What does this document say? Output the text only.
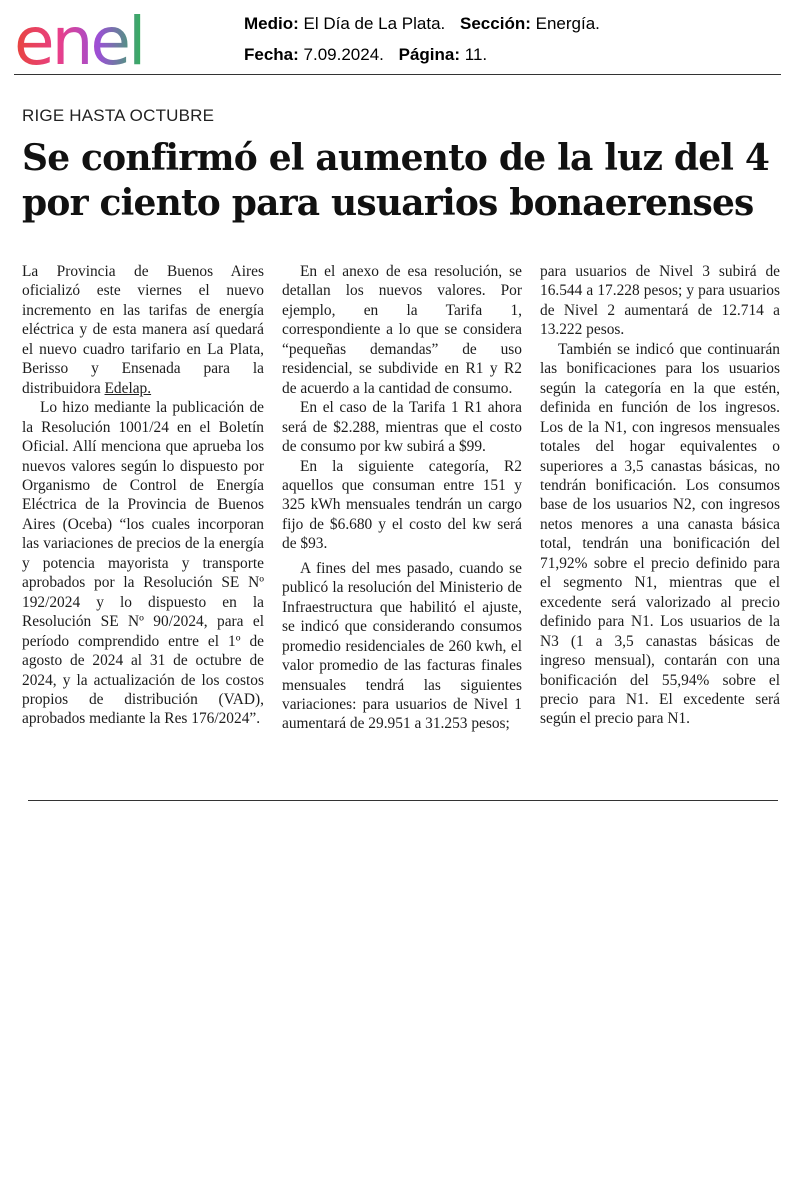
enel	Medio: El Día de La Plata. Sección: Energía.
Fecha: 7.09.2024. Página: 11.
RIGE HASTA OCTUBRE
Se confirmó el aumento de la luz del 4 por ciento para usuarios bonaerenses

La Provincia de Buenos Aires oficializó este viernes el nuevo incremento en las tarifas de energía eléctrica y de esta manera así quedará el nuevo cuadro tarifario en La Plata, Berisso y Ensenada para la distribuidora Edelap.

Lo hizo mediante la publicación de la Resolución 1001/24 en el Boletín Oficial. Allí menciona que aprueba los nuevos valores según lo dispuesto por Organismo de Control de Energía Eléctrica de la Provincia de Buenos Aires (Oceba) “los cuales incorporan las variaciones de precios de la energía y potencia mayorista y transporte aprobados por la Resolución SE Nº 192/2024 y lo dispuesto en la Resolución SE Nº 90/2024, para el período comprendido entre el 1º de agosto de 2024 al 31 de octubre de 2024, y la actualización de los costos propios de distribución (VAD), aprobados mediante la Res 176/2024”.

En el anexo de esa resolución, se detallan los nuevos valores. Por ejemplo, en la Tarifa 1, correspondiente a lo que se considera “pequeñas demandas” de uso residencial, se subdivide en R1 y R2 de acuerdo a la cantidad de consumo.

En el caso de la Tarifa 1 R1 ahora será de $2.288, mientras que el costo de consumo por kw subirá a $99.

En la siguiente categoría, R2 aquellos que consuman entre 151 y 325 kWh mensuales tendrán un cargo fijo de $6.680 y el costo del kw será de $93.

A fines del mes pasado, cuando se publicó la resolución del Ministerio de Infraestructura que habilitó el ajuste, se indicó que considerando consumos promedio residenciales de 260 kwh, el valor promedio de las facturas finales mensuales tendrá las siguientes variaciones: para usuarios de Nivel 1 aumentará de 29.951 a 31.253 pesos;

para usuarios de Nivel 3 subirá de 16.544 a 17.228 pesos; y para usuarios de Nivel 2 aumentará de 12.714 a 13.222 pesos.

También se indicó que continuarán las bonificaciones para los usuarios según la categoría en la que estén, definida en función de los ingresos. Los de la N1, con ingresos mensuales totales del hogar equivalentes o superiores a 3,5 canastas básicas, no tendrán bonificación. Los consumos base de los usuarios N2, con ingresos netos menores a una canasta básica total, tendrán una bonificación del 71,92% sobre el precio definido para el segmento N1, mientras que el excedente será valorizado al precio definido para N1. Los usuarios de la N3 (1 a 3,5 canastas básicas de ingreso mensual), contarán con una bonificación del 55,94% sobre el precio para N1. El excedente será según el precio para N1.
